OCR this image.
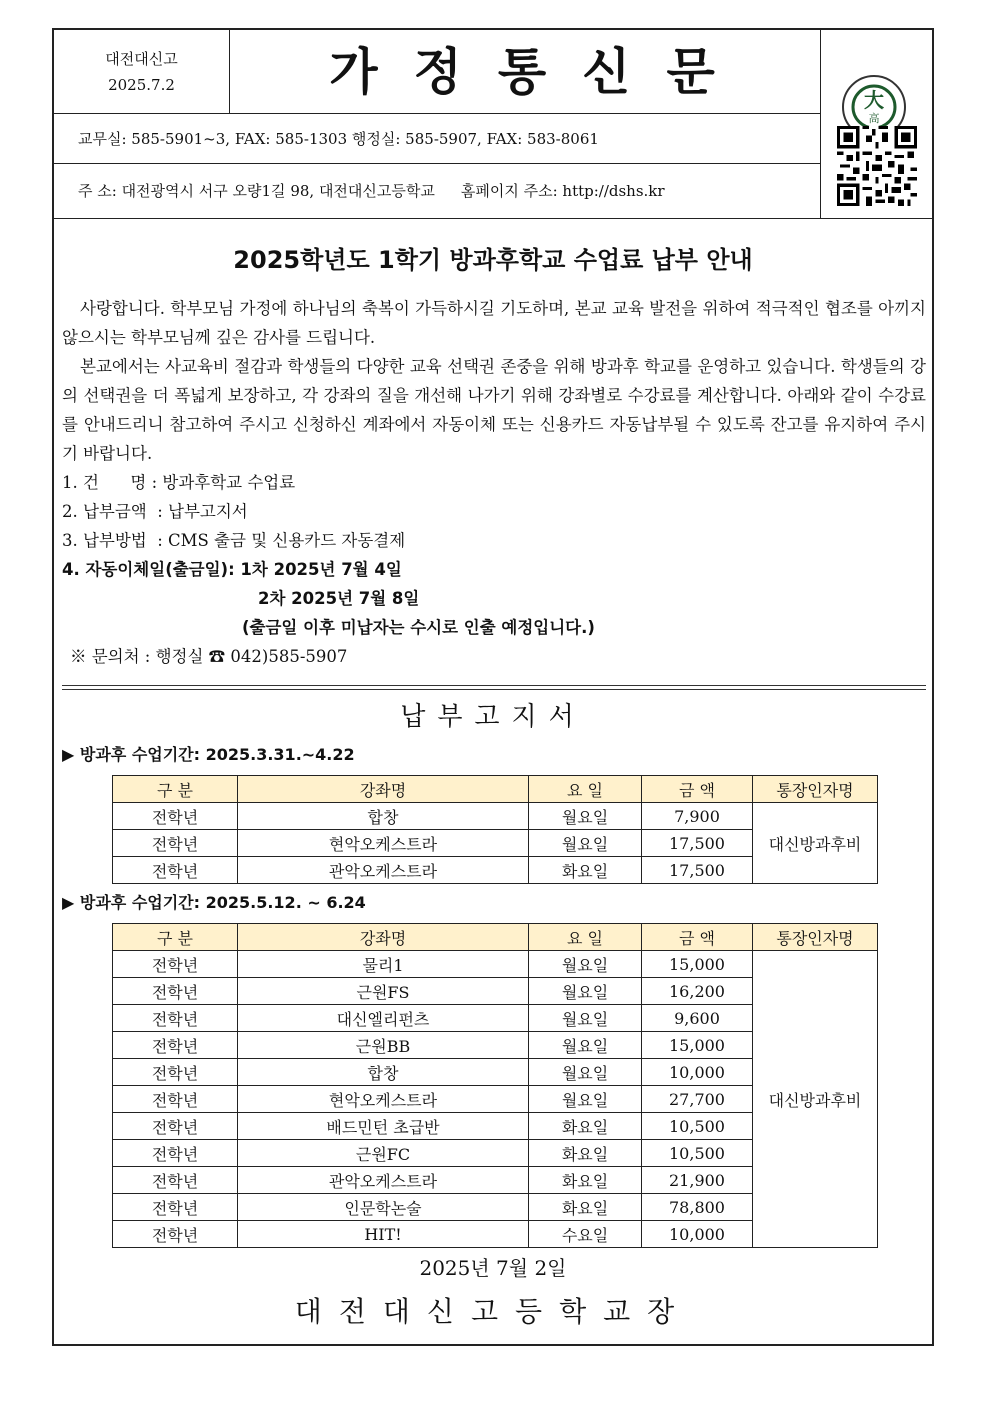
대전대신고
2025.7.2	가정통신문
교무실: 585-5901~3, FAX: 585-1303 행정실: 585-5907, FAX: 583-8061
주 소: 대전광역시 서구 오량1길 98, 대전대신고등학교 홈페이지 주소: http://dshs.kr
大
高
2025학년도 1학기 방과후학교 수업료 납부 안내

사랑합니다. 학부모님 가정에 하나님의 축복이 가득하시길 기도하며, 본교 교육 발전을 위하여 적극적인 협조를 아끼지 않으시는 학부모님께 깊은 감사를 드립니다.

본교에서는 사교육비 절감과 학생들의 다양한 교육 선택권 존중을 위해 방과후 학교를 운영하고 있습니다. 학생들의 강의 선택권을 더 폭넓게 보장하고, 각 강좌의 질을 개선해 나가기 위해 강좌별로 수강료를 계산합니다. 아래와 같이 수강료를 안내드리니 참고하여 주시고 신청하신 계좌에서 자동이체 또는 신용카드 자동납부될 수 있도록 잔고를 유지하여 주시기 바랍니다.

1. 건      명 : 방과후학교 수업료

2. 납부금액  : 납부고지서

3. 납부방법  : CMS 출금 및 신용카드 자동결제

4. 자동이체일(출금일): 1차 2025년 7월 4일

2차 2025년 7월 8일

(출금일 이후 미납자는 수시로 인출 예정입니다.)

※ 문의처 : 행정실 ☎ 042)585-5907

납부고지서
▶ 방과후 수업기간: 2025.3.31.~4.22
구 분	강좌명	요 일	금 액	통장인자명
전학년	합창	월요일	7,900	대신방과후비
전학년	현악오케스트라	월요일	17,500	
전학년	관악오케스트라	화요일	17,500	
▶ 방과후 수업기간: 2025.5.12. ~ 6.24
구 분	강좌명	요 일	금 액	통장인자명
전학년	물리1	월요일	15,000	대신방과후비
전학년	근원FS	월요일	16,200	
전학년	대신엘리펀츠	월요일	9,600	
전학년	근원BB	월요일	15,000	
전학년	합창	월요일	10,000	
전학년	현악오케스트라	월요일	27,700	
전학년	배드민턴 초급반	화요일	10,500	
전학년	근원FC	화요일	10,500	
전학년	관악오케스트라	화요일	21,900	
전학년	인문학논술	화요일	78,800	
전학년	HIT!	수요일	10,000	
2025년 7월 2일
대전대신고등학교장
